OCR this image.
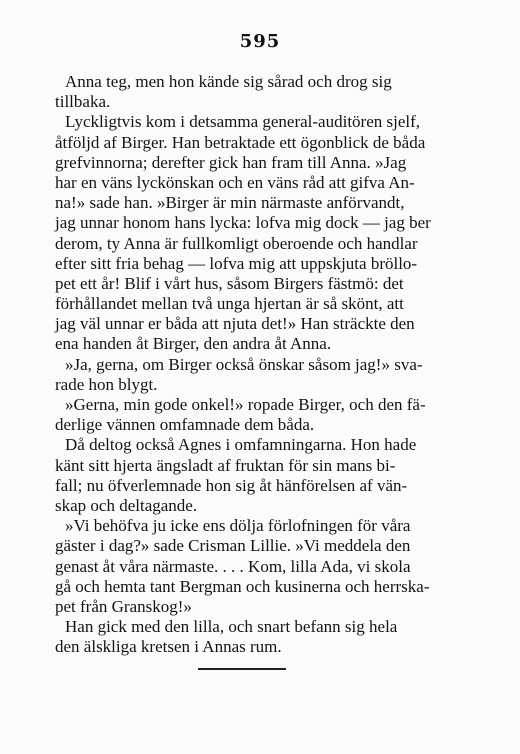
595
Anna teg, men hon kände sig sårad och drog sig
tillbaka.
Lyckligtvis kom i detsamma general-auditören sjelf,
åtföljd af Birger. Han betraktade ett ögonblick de båda
grefvinnorna; derefter gick han fram till Anna. »Jag
har en väns lyckönskan och en väns råd att gifva An-
na!» sade han. »Birger är min närmaste anförvandt,
jag unnar honom hans lycka: lofva mig dock — jag ber
derom, ty Anna är fullkomligt oberoende och handlar
efter sitt fria behag — lofva mig att uppskjuta bröllo-
pet ett år! Blif i vårt hus, såsom Birgers fästmö: det
förhållandet mellan två unga hjertan är så skönt, att
jag väl unnar er båda att njuta det!» Han sträckte den
ena handen åt Birger, den andra åt Anna.
»Ja, gerna, om Birger också önskar såsom jag!» sva-
rade hon blygt.
»Gerna, min gode onkel!» ropade Birger, och den fä-
derlige vännen omfamnade dem båda.
Då deltog också Agnes i omfamningarna. Hon hade
känt sitt hjerta ängsladt af fruktan för sin mans bi-
fall; nu öfverlemnade hon sig åt hänförelsen af vän-
skap och deltagande.
»Vi behöfva ju icke ens dölja förlofningen för våra
gäster i dag?» sade Crisman Lillie. »Vi meddela den
genast åt våra närmaste. . . . Kom, lilla Ada, vi skola
gå och hemta tant Bergman och kusinerna och herrska-
pet från Granskog!»
Han gick med den lilla, och snart befann sig hela
den älskliga kretsen i Annas rum.
